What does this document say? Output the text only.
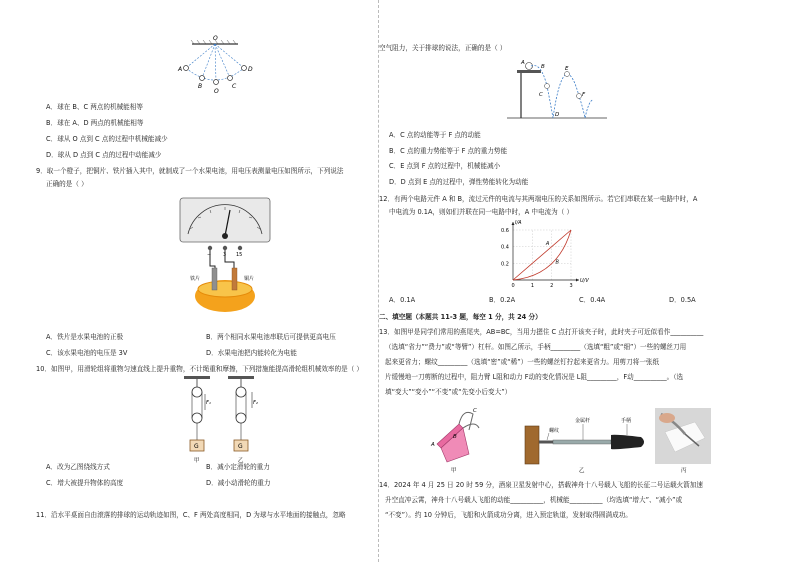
O
A
B
O
C
D
A．球在 B、C 两点的机械能相等
B．球在 A、D 两点的机械能相等
C．球从 O 点到 C 点的过程中机械能减少
D．球从 D 点到 C 点的过程中动能减少
9．取一个橙子，把铜片、铁片插入其中，就制成了一个水果电池，用电压表测量电压如图所示，下列说法
正确的是（ ）
− 3 15
铁片	铜片
A．铁片是水果电池的正极	B．两个相同水果电池串联后可提供更高电压
C．该水果电池的电压是 3V	D．水果电池把内能转化为电能
10．如图甲，用滑轮组将重物匀速直线上提升重物，不计绳重和摩擦，下列措施能提高滑轮组机械效率的是（ ）
F₁
G
F₂
G
甲	乙
A．改为乙图绕线方式	B．减小定滑轮的重力
C．增大被提升物体的高度	D．减小动滑轮的重力
11．沿水平桌面自由滚落的排球的运动轨迹如图，C、F 两处高度相同，D 为球与水平地面的接触点，忽略
空气阻力，关于排球的说法，正确的是（ ）
A
B
C
D
E
F
A．C 点的动能等于 F 点的动能
B．C 点的重力势能等于 F 点的重力势能
C．E 点到 F 点的过程中，机械能减小
D．D 点到 E 点的过程中，弹性势能转化为动能
12．有两个电路元件 A 和 B，流过元件的电流与其两端电压的关系如图所示。若它们串联在某一电路中时，A
中电流为 0.1A，则如们并联在同一电路中时，A 中电流为（ ）
U/V
I/A
0	1	2	3
0.2
0.4
0.6
A
B
A．0.1A	B．0.2A	C．0.4A	D．0.5A
二、填空题（本题共 11-3 题，每空 1 分，共 24 分）
13．如图甲是同学们常用的燕尾夹，AB=BC，当用力摁住 C 点打开该夹子时，此时夹子可近似看作__________
（选填“省力”“费力”或“等臂”）杠杆。如图乙所示，手柄_________（选填“粗”或“细”）一些的螺丝刀用
起来更省力；螺纹_________（选填“密”或“稀”）一些的螺丝钉拧起来更省力。用剪刀将一张纸
片缓慢地一刀剪断的过程中，阻力臂 L阻和动力 F动的变化情况是 L阻_________，F动__________。（选
填“变大”“变小”“不变”或“先变小后变大”）
A
B
C
甲
螺纹
金属杆	手柄
乙	丙
14．2024 年 4 月 25 日 20 时 59 分，酒泉卫星发射中心，搭载神舟十八号载人飞船的长征二号运载火箭加速
升空直冲云霄，神舟十八号载人飞船的动能__________，机械能__________（均选填“增大”、“减小”或
“不变”）。约 10 分钟后，飞船和火箭成功分离，进入预定轨道，发射取得圆满成功。
